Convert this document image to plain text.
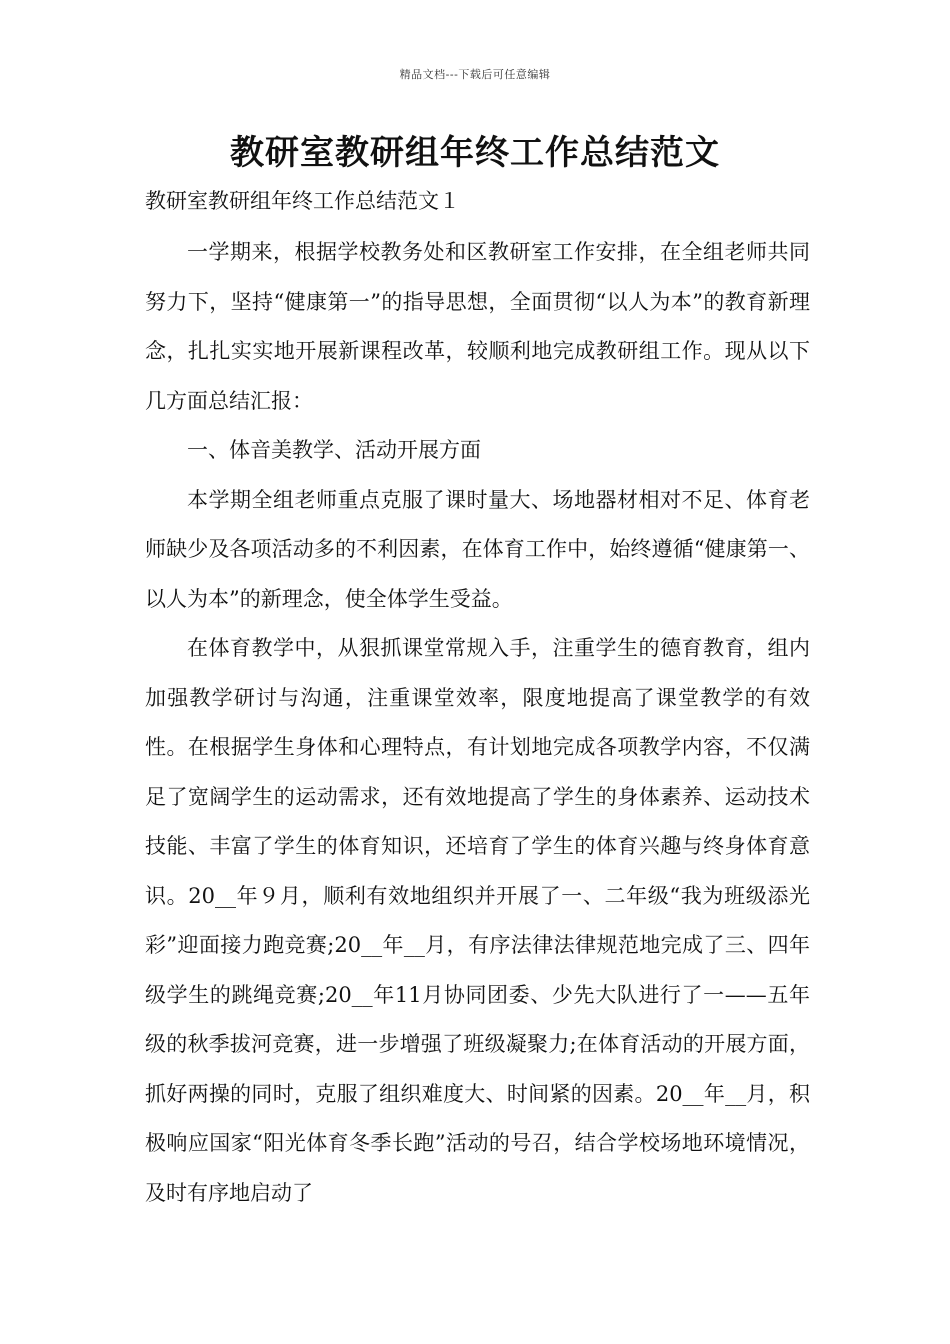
精品文档---下载后可任意编辑
教研室教研组年终工作总结范文

教研室教研组年终工作总结范文１

一学期来，根据学校教务处和区教研室工作安排，在全组老师共同努力下，坚持“健康第一”的指导思想，全面贯彻“以人为本”的教育新理念，扎扎实实地开展新课程改革，较顺利地完成教研组工作。现从以下几方面总结汇报：

一、体音美教学、活动开展方面

本学期全组老师重点克服了课时量大、场地器材相对不足、体育老师缺少及各项活动多的不利因素，在体育工作中，始终遵循“健康第一、以人为本”的新理念，使全体学生受益。

在体育教学中，从狠抓课堂常规入手，注重学生的德育教育，组内加强教学研讨与沟通，注重课堂效率，限度地提高了课堂教学的有效性。在根据学生身体和心理特点，有计划地完成各项教学内容，不仅满足了宽阔学生的运动需求，还有效地提高了学生的身体素养、运动技术技能、丰富了学生的体育知识，还培育了学生的体育兴趣与终身体育意识。20__年９月，顺利有效地组织并开展了一、二年级“我为班级添光彩”迎面接力跑竞赛;20__年__月，有序法律法律规范地完成了三、四年级学生的跳绳竞赛;20__年11月协同团委、少先大队进行了一——五年级的秋季拔河竞赛，进一步增强了班级凝聚力;在体育活动的开展方面，抓好两操的同时，克服了组织难度大、时间紧的因素。20__年__月，积极响应国家“阳光体育冬季长跑”活动的号召，结合学校场地环境情况，及时有序地启动了
